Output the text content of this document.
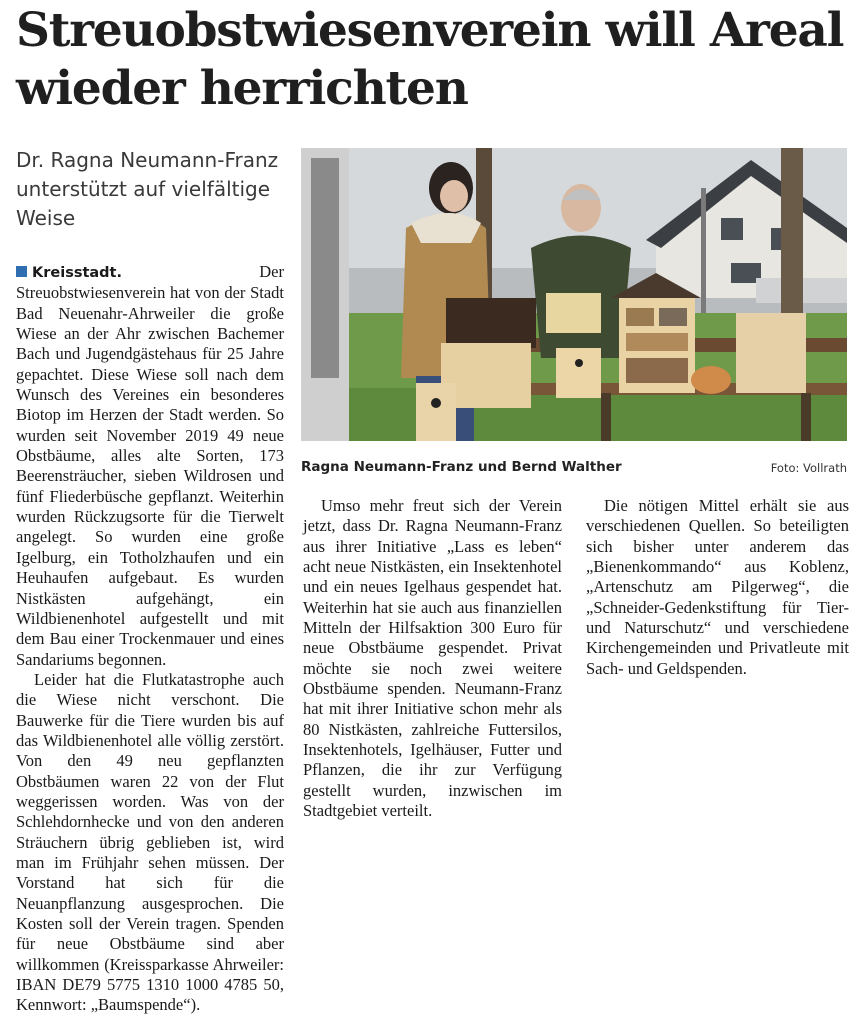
Streuobstwiesenverein will Areal wieder herrichten

Dr. Ragna Neumann-Franz unterstützt auf vielfältige Weise

Ragna Neumann-Franz und Bernd Walther	Foto: Vollrath

Kreisstadt.	Der Streuobstwiesenverein hat von der Stadt Bad Neuenahr-Ahrweiler die große Wiese an der Ahr zwischen Bachemer Bach und Jugendgästehaus für 25 Jahre gepachtet. Diese Wiese soll nach dem Wunsch des Vereines ein besonderes Biotop im Herzen der Stadt werden. So wurden seit November 2019 49 neue Obstbäume, alles alte Sorten, 173 Beerensträucher, sieben Wildrosen und fünf Fliederbüsche gepflanzt. Weiterhin wurden Rückzugsorte für die Tierwelt angelegt. So wurden eine große Igelburg, ein Totholzhaufen und ein Heuhaufen aufgebaut. Es wurden Nistkästen aufgehängt, ein Wildbienenhotel aufgestellt und mit dem Bau einer Trockenmauer und eines Sandariums begonnen.

Leider hat die Flutkatastrophe auch die Wiese nicht verschont. Die Bauwerke für die Tiere wurden bis auf das Wildbienenhotel alle völlig zerstört. Von den 49 neu gepflanzten Obstbäumen waren 22 von der Flut weggerissen worden. Was von der Schlehdornhecke und von den anderen Sträuchern übrig geblieben ist, wird man im Frühjahr sehen müssen. Der Vorstand hat sich für die Neuanpflanzung ausgesprochen. Die Kosten soll der Verein tragen. Spenden für neue Obstbäume sind aber willkommen (Kreissparkasse Ahrweiler: IBAN DE79 5775 1310 1000 4785 50, Kennwort: „Baumspende“).

Umso mehr freut sich der Verein jetzt, dass Dr. Ragna Neumann-Franz aus ihrer Initiative „Lass es leben“ acht neue Nistkästen, ein Insektenhotel und ein neues Igelhaus gespendet hat. Weiterhin hat sie auch aus finanziellen Mitteln der Hilfsaktion 300 Euro für neue Obstbäume gespendet. Privat möchte sie noch zwei weitere Obstbäume spenden. Neumann-Franz hat mit ihrer Initiative schon mehr als 80 Nistkästen, zahlreiche Futtersilos, Insektenhotels, Igelhäuser, Futter und Pflanzen, die ihr zur Verfügung gestellt wurden, inzwischen im Stadtgebiet verteilt.

Die nötigen Mittel erhält sie aus verschiedenen Quellen. So beteiligten sich bisher unter anderem das „Bienenkommando“ aus Koblenz, „Artenschutz am Pilgerweg“, die „Schneider-Gedenkstiftung für Tier- und Naturschutz“ und verschiedene Kirchengemeinden und Privatleute mit Sach- und Geldspenden.
